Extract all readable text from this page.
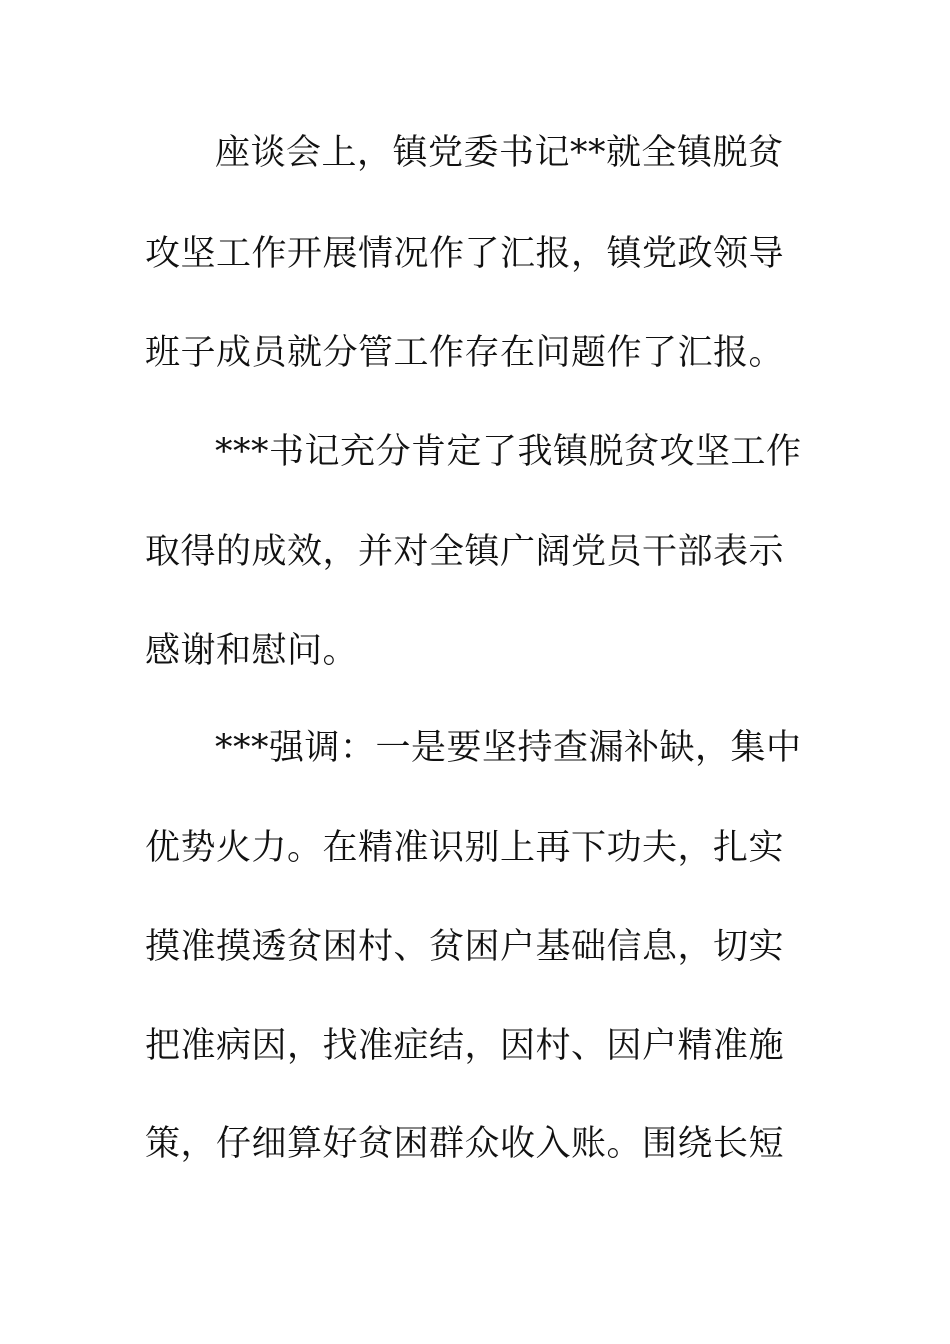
座谈会上，镇党委书记**就全镇脱贫
攻坚工作开展情况作了汇报，镇党政领导
班子成员就分管工作存在问题作了汇报。
***书记充分肯定了我镇脱贫攻坚工作
取得的成效，并对全镇广阔党员干部表示
感谢和慰问。
***强调：一是要坚持查漏补缺，集中
优势火力。在精准识别上再下功夫，扎实
摸准摸透贫困村、贫困户基础信息，切实
把准病因，找准症结，因村、因户精准施
策，仔细算好贫困群众收入账。围绕长短
